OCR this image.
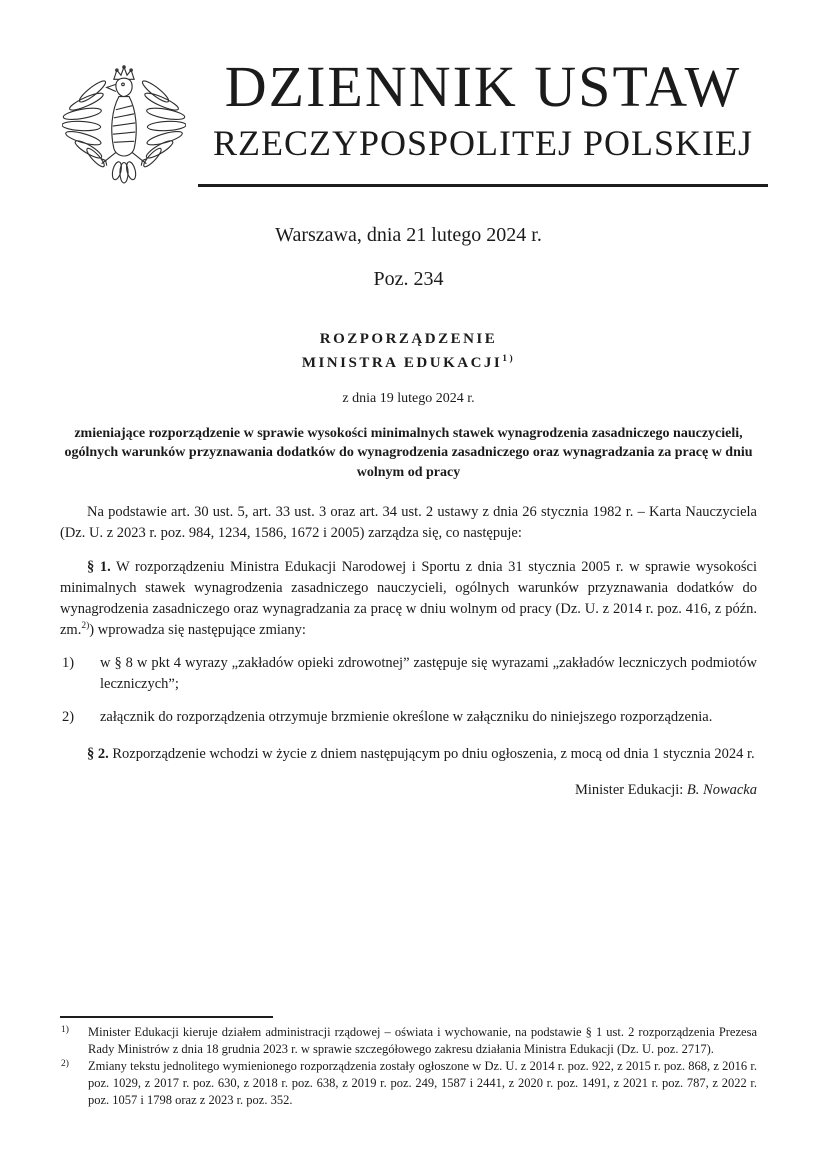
DZIENNIK USTAW
RZECZYPOSPOLITEJ POLSKIEJ
Warszawa, dnia 21 lutego 2024 r.
Poz. 234
ROZPORZĄDZENIE
MINISTRA EDUKACJI$^{1)}$
z dnia 19 lutego 2024 r.
zmieniające rozporządzenie w sprawie wysokości minimalnych stawek wynagrodzenia zasadniczego nauczycieli, ogólnych warunków przyznawania dodatków do wynagrodzenia zasadniczego oraz wynagradzania za pracę w dniu wolnym od pracy

Na podstawie art. 30 ust. 5, art. 33 ust. 3 oraz art. 34 ust. 2 ustawy z dnia 26 stycznia 1982 r. – Karta Nauczyciela (Dz. U. z 2023 r. poz. 984, 1234, 1586, 1672 i 2005) zarządza się, co następuje:

§ 1. W rozporządzeniu Ministra Edukacji Narodowej i Sportu z dnia 31 stycznia 2005 r. w sprawie wysokości minimalnych stawek wynagrodzenia zasadniczego nauczycieli, ogólnych warunków przyznawania dodatków do wynagrodzenia zasadniczego oraz wynagradzania za pracę w dniu wolnym od pracy (Dz. U. z 2014 r. poz. 416, z późn. zm.$^{2)}$) wprowadza się następujące zmiany:

1) w § 8 w pkt 4 wyrazy „zakładów opieki zdrowotnej” zastępuje się wyrazami „zakładów leczniczych podmiotów leczniczych”;
2) załącznik do rozporządzenia otrzymuje brzmienie określone w załączniku do niniejszego rozporządzenia.

§ 2. Rozporządzenie wchodzi w życie z dniem następującym po dniu ogłoszenia, z mocą od dnia 1 stycznia 2024 r.

Minister Edukacji: B. Nowacka
1) Minister Edukacji kieruje działem administracji rządowej – oświata i wychowanie, na podstawie § 1 ust. 2 rozporządzenia Prezesa Rady Ministrów z dnia 18 grudnia 2023 r. w sprawie szczegółowego zakresu działania Ministra Edukacji (Dz. U. poz. 2717).
2) Zmiany tekstu jednolitego wymienionego rozporządzenia zostały ogłoszone w Dz. U. z 2014 r. poz. 922, z 2015 r. poz. 868, z 2016 r. poz. 1029, z 2017 r. poz. 630, z 2018 r. poz. 638, z 2019 r. poz. 249, 1587 i 2441, z 2020 r. poz. 1491, z 2021 r. poz. 787, z 2022 r. poz. 1057 i 1798 oraz z 2023 r. poz. 352.
